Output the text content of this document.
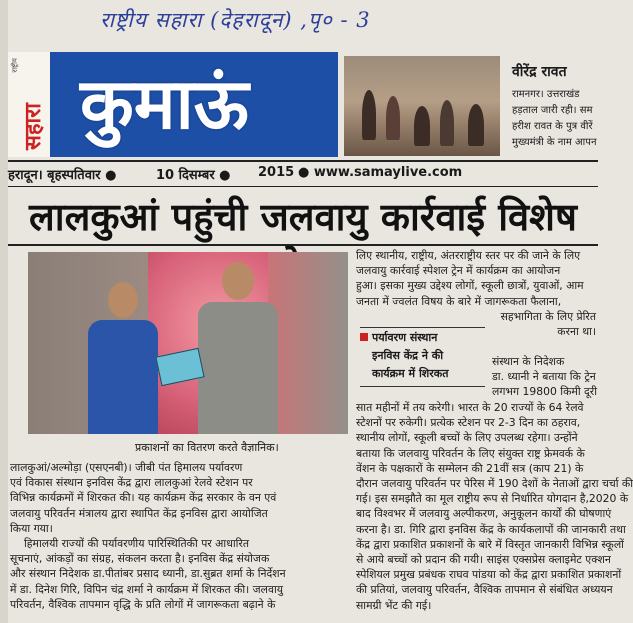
राष्ट्रीय सहारा (देहरादून) ,पृ० - 3
राष्ट्रीय
सहारा कुमाऊं	वीरेंद्र रावत
रामनगर। उत्तराखंड
हड़ताल जारी रही। सम
हरीश रावत के पुत्र वीरें
मुख्यमंत्री के नाम आपन
हरादून। बृहस्पतिवार ●	10 दिसम्बर ● 2015 ● www.samaylive.com
लालकुआं पहुंची जलवायु कार्रवाई विशेष
प्रकाशनों का वितरण करते वैज्ञानिक।
लालकुआं/अल्मोड़ा (एसएनबी)। जीबी पंत हिमालय पर्यावरण
एवं विकास संस्थान इनविस केंद्र द्वारा लालकुआं रेलवे स्टेशन पर
विभिन्न कार्यक्रमों में शिरकत की। यह कार्यक्रम केंद्र सरकार के वन एवं
जलवायु परिवर्तन मंत्रालय द्वारा स्थापित केंद्र इनविस द्वारा आयोजित
किया गया।
हिमालयी राज्यों की पर्यावरणीय पारिस्थितिकी पर आधारित
सूचनाएं, आंकड़ों का संग्रह, संकलन करता है। इनविस केंद्र संयोजक
और संस्थान निदेशक डा.पीतांबर प्रसाद ध्यानी, डा.सुब्रत शर्मा के निर्देशन
में डा. दिनेश गिरि, विपिन चंद्र शर्मा ने कार्यक्रम में शिरकत की। जलवायु
परिवर्तन, वैश्विक तापमान वृद्धि के प्रति लोगों में जागरूकता बढ़ाने के
लिए स्थानीय, राष्ट्रीय, अंतरराष्ट्रीय स्तर पर की जाने के लिए
जलवायु कार्रवाई स्पेशल ट्रेन में कार्यक्रम का आयोजन
हुआ। इसका मुख्य उद्देश्य लोगों, स्कूली छात्रों, युवाओं, आम
जनता में ज्वलंत विषय के बारे में जागरूकता फैलाना,
सहभागिता के लिए प्रेरित
करना था।
पर्यावरण संस्थान
इनविस केंद्र ने की
कार्यक्रम में शिरकत
संस्थान के निदेशक
डा. ध्यानी ने बताया कि ट्रेन
लगभग 19800 किमी दूरी
सात महीनों में तय करेगी। भारत के 20 राज्यों के 64 रेलवे
स्टेशनों पर रुकेगी। प्रत्येक स्टेशन पर 2-3 दिन का ठहराव,
स्थानीय लोगों, स्कूली बच्चों के लिए उपलब्ध रहेगा। उन्होंने
बताया कि जलवायु परिवर्तन के लिए संयुक्त राष्ट्र फ्रेमवर्क के
वेंशन के पक्षकारों के सम्मेलन की 21वीं सत्र (काप 21) के
दौरान जलवायु परिवर्तन पर पेरिस में 190 देशों के नेताओं द्वारा चर्चा की
गई। इस समझौते का मूल राष्ट्रीय रूप से निर्धारित योगदान है,2020 के
बाद विश्वभर में जलवायु अल्पीकरण, अनुकूलन कार्यों की घोषणाएं
करना है। डा. गिरि द्वारा इनविस केंद्र के कार्यकलापों की जानकारी तथा
केंद्र द्वारा प्रकाशित प्रकाशनों के बारे में विस्तृत जानकारी विभिन्न स्कूलों
से आये बच्चों को प्रदान की गयी। साइंस एक्सप्रेस क्लाइमेट एक्शन
स्पेशियल प्रमुख प्रबंधक राघव पांडया को केंद्र द्वारा प्रकाशित प्रकाशनों
की प्रतियां, जलवायु परिवर्तन, वैश्विक तापमान से संबंधित अध्ययन
सामग्री भेंट की गई।
